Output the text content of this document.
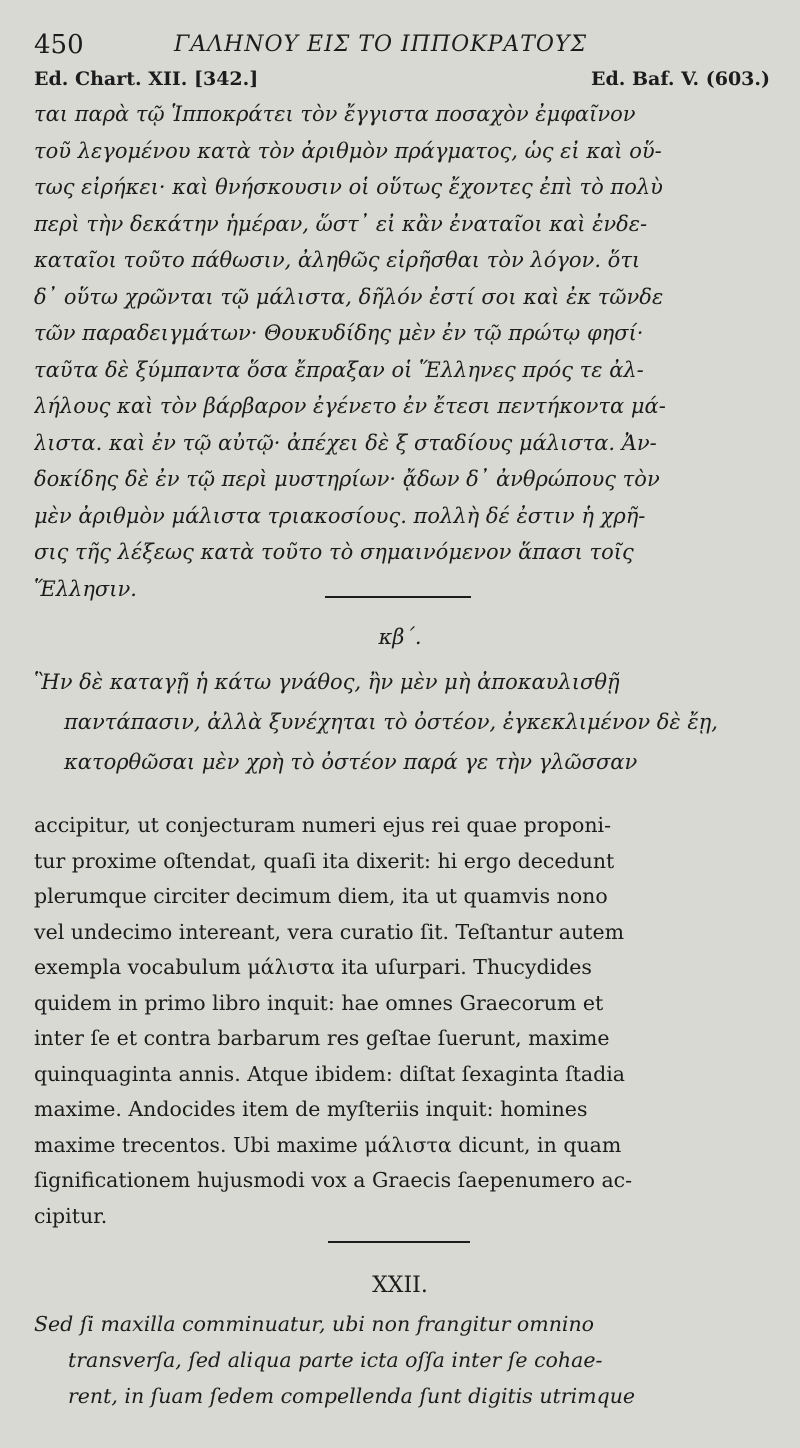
450	ΓΑΛΗΝΟΥ ΕΙΣ ΤΟ ΙΠΠΟΚΡΑΤΟΥΣ
Ed. Chart. XII. [342.]	Ed. Baf. V. (603.)
ται παρὰ τῷ Ἱπποκράτει τὸν ἔγγιστα ποσαχὸν ἐμφαῖνον
τοῦ λεγομένου κατὰ τὸν ἀριθμὸν πράγματος, ὡς εἰ καὶ οὕ-
τως εἰρήκει· καὶ θνήσκουσιν οἱ οὕτως ἔχοντες ἐπὶ τὸ πολὺ
περὶ τὴν δεκάτην ἡμέραν, ὥστ᾽ εἰ κἂν ἐναταῖοι καὶ ἐνδε-
καταῖοι τοῦτο πάθωσιν, ἀληθῶς εἰρῆσθαι τὸν λόγον. ὅτι
δ᾽ οὕτω χρῶνται τῷ μάλιστα, δῆλόν ἐστί σοι καὶ ἐκ τῶνδε
τῶν παραδειγμάτων· Θουκυδίδης μὲν ἐν τῷ πρώτῳ φησί·
ταῦτα δὲ ξύμπαντα ὅσα ἔπραξαν οἱ Ἕλληνες πρός τε ἀλ-
λήλους καὶ τὸν βάρβαρον ἐγένετο ἐν ἔτεσι πεντήκοντα μά-
λιστα. καὶ ἐν τῷ αὐτῷ· ἀπέχει δὲ ξ σταδίους μάλιστα. Ἀν-
δοκίδης δὲ ἐν τῷ περὶ μυστηρίων· ᾄδων δ᾽ ἀνθρώπους τὸν
μὲν ἀριθμὸν μάλιστα τριακοσίους. πολλὴ δέ ἐστιν ἡ χρῆ-
σις τῆς λέξεως κατὰ τοῦτο τὸ σημαινόμενον ἅπασι τοῖς
Ἕλλησιν.
κβ΄.
Ἣν δὲ καταγῇ ἡ κάτω γνάθος, ἢν μὲν μὴ ἀποκαυλισθῇ
παντάπασιν, ἀλλὰ ξυνέχηται τὸ ὀστέον, ἐγκεκλιμένον δὲ ἔῃ,
κατορθῶσαι μὲν χρὴ τὸ ὀστέον παρά γε τὴν γλῶσσαν
accipitur, ut conjecturam numeri ejus rei quae proponi-
tur proxime oſtendat, quaſi ita dixerit: hi ergo decedunt
plerumque circiter decimum diem, ita ut quamvis nono
vel undecimo intereant, vera curatio ſit. Teſtantur autem
exempla vocabulum μάλιστα ita uſurpari. Thucydides
quidem in primo libro inquit: hae omnes Graecorum et
inter ſe et contra barbarum res geſtae ſuerunt, maxime
quinquaginta annis. Atque ibidem: diſtat ſexaginta ſtadia
maxime. Andocides item de myſteriis inquit: homines
maxime trecentos. Ubi maxime μάλιστα dicunt, in quam
ſignificationem hujusmodi vox a Graecis ſaepenumero ac-
cipitur.
XXII.
Sed ſi maxilla comminuatur, ubi non frangitur omnino
transverſa, ſed aliqua parte icta oſſa inter ſe cohae-
rent, in ſuam ſedem compellenda ſunt digitis utrimque
